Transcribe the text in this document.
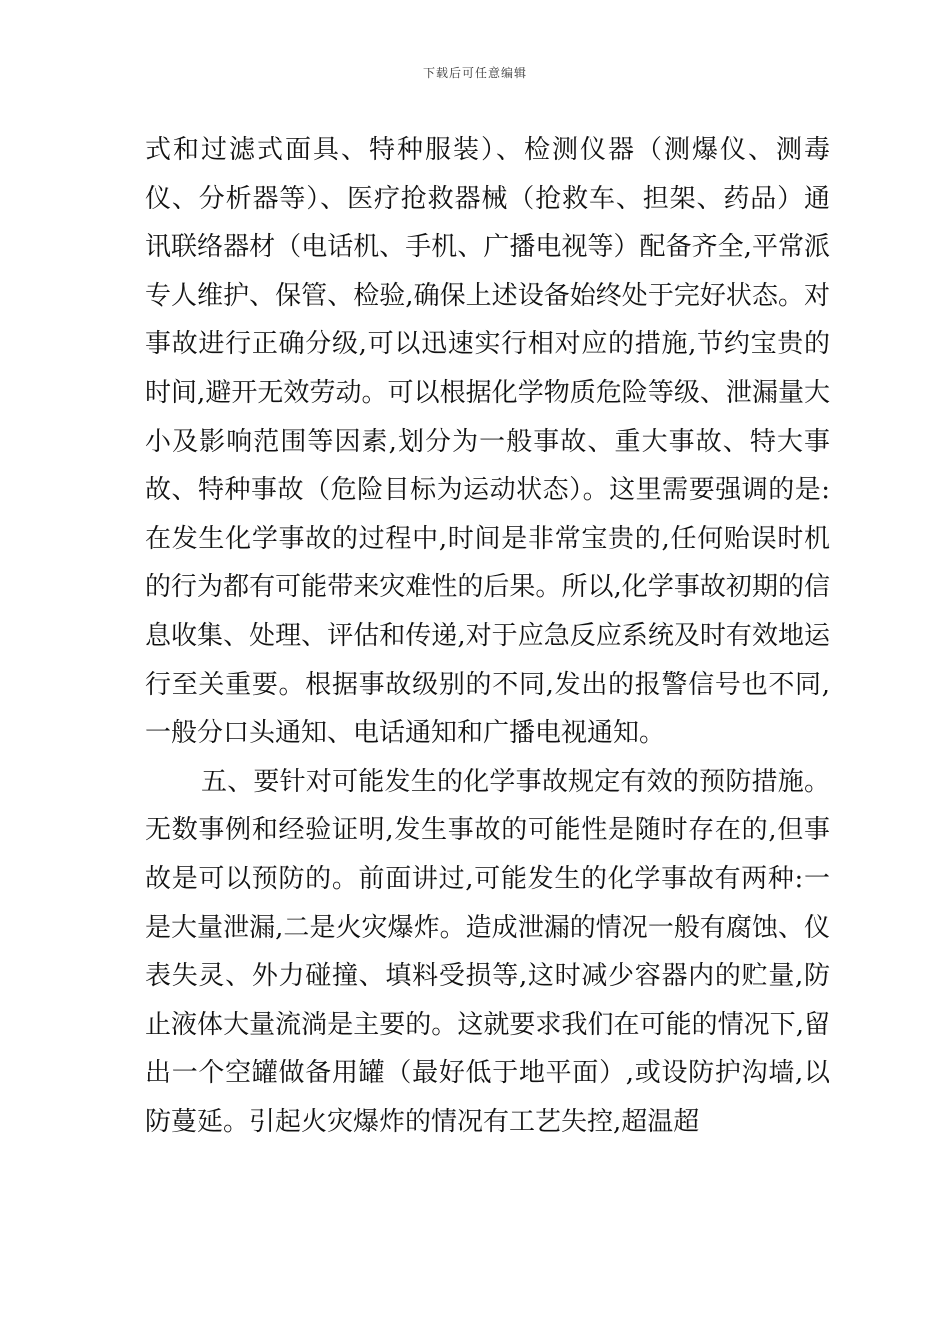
下载后可任意编辑

式和过滤式面具、特种服装）、检测仪器（测爆仪、测毒仪、分析器等）、医疗抢救器械（抢救车、担架、药品）通讯联络器材（电话机、手机、广播电视等）配备齐全,平常派专人维护、保管、检验,确保上述设备始终处于完好状态。对事故进行正确分级,可以迅速实行相对应的措施,节约宝贵的时间,避开无效劳动。可以根据化学物质危险等级、泄漏量大小及影响范围等因素,划分为一般事故、重大事故、特大事故、特种事故（危险目标为运动状态）。这里需要强调的是:在发生化学事故的过程中,时间是非常宝贵的,任何贻误时机的行为都有可能带来灾难性的后果。所以,化学事故初期的信息收集、处理、评估和传递,对于应急反应系统及时有效地运行至关重要。根据事故级别的不同,发出的报警信号也不同,一般分口头通知、电话通知和广播电视通知。

五、要针对可能发生的化学事故规定有效的预防措施。无数事例和经验证明,发生事故的可能性是随时存在的,但事故是可以预防的。前面讲过,可能发生的化学事故有两种:一是大量泄漏,二是火灾爆炸。造成泄漏的情况一般有腐蚀、仪表失灵、外力碰撞、填料受损等,这时减少容器内的贮量,防止液体大量流淌是主要的。这就要求我们在可能的情况下,留出一个空罐做备用罐（最好低于地平面）,或设防护沟墙,以防蔓延。引起火灾爆炸的情况有工艺失控,超温超
